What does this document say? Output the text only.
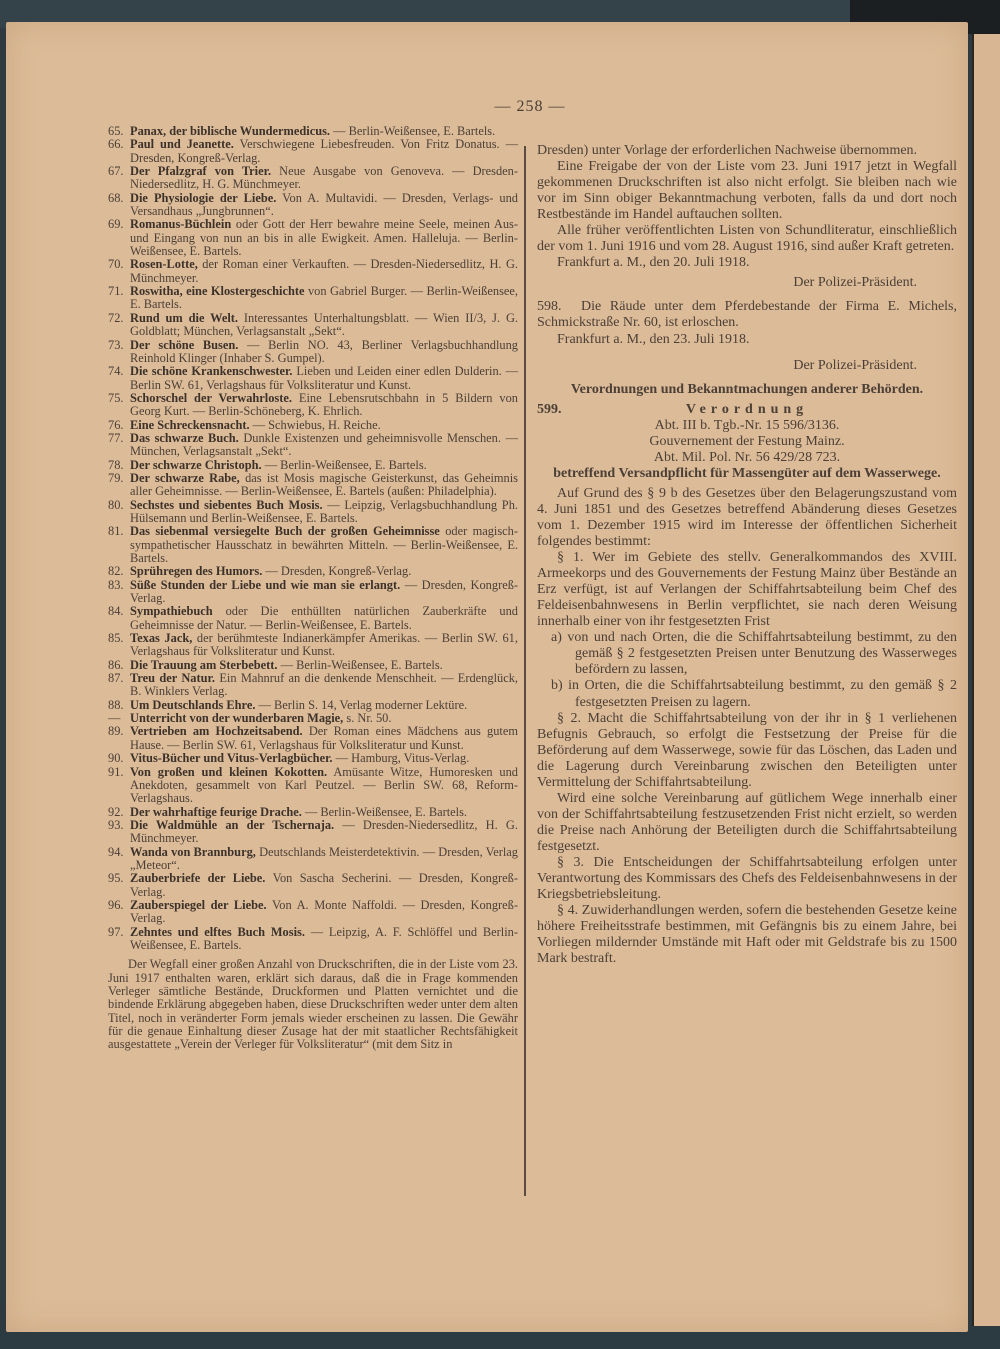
— 258 —
65. Panax, der biblische Wundermedicus. — Berlin-Weißensee, E. Bartels.
66. Paul und Jeanette. Verschwiegene Liebesfreuden. Von Fritz Donatus. — Dresden, Kongreß-Verlag.
67. Der Pfalzgraf von Trier. Neue Ausgabe von Genoveva. — Dresden-Niedersedlitz, H. G. Münchmeyer.
68. Die Physiologie der Liebe. Von A. Multavidi. — Dresden, Verlags- und Versandhaus „Jungbrunnen“.
69. Romanus-Büchlein oder Gott der Herr bewahre meine Seele, meinen Aus- und Eingang von nun an bis in alle Ewigkeit. Amen. Halleluja. — Berlin-Weißensee, E. Bartels.
70. Rosen-Lotte, der Roman einer Verkauften. — Dresden-Niedersedlitz, H. G. Münchmeyer.
71. Roswitha, eine Klostergeschichte von Gabriel Burger. — Berlin-Weißensee, E. Bartels.
72. Rund um die Welt. Interessantes Unterhaltungsblatt. — Wien II/3, J. G. Goldblatt; München, Verlagsanstalt „Sekt“.
73. Der schöne Busen. — Berlin NO. 43, Berliner Verlagsbuchhandlung Reinhold Klinger (Inhaber S. Gumpel).
74. Die schöne Krankenschwester. Lieben und Leiden einer edlen Dulderin. — Berlin SW. 61, Verlagshaus für Volksliteratur und Kunst.
75. Schorschel der Verwahrloste. Eine Lebensrutschbahn in 5 Bildern von Georg Kurt. — Berlin-Schöneberg, K. Ehrlich.
76. Eine Schreckensnacht. — Schwiebus, H. Reiche.
77. Das schwarze Buch. Dunkle Existenzen und geheimnisvolle Menschen. — München, Verlagsanstalt „Sekt“.
78. Der schwarze Christoph. — Berlin-Weißensee, E. Bartels.
79. Der schwarze Rabe, das ist Mosis magische Geisterkunst, das Geheimnis aller Geheimnisse. — Berlin-Weißensee, E. Bartels (außen: Philadelphia).
80. Sechstes und siebentes Buch Mosis. — Leipzig, Verlagsbuchhandlung Ph. Hülsemann und Berlin-Weißensee, E. Bartels.
81. Das siebenmal versiegelte Buch der großen Geheimnisse oder magisch-sympathetischer Hausschatz in bewährten Mitteln. — Berlin-Weißensee, E. Bartels.
82. Sprühregen des Humors. — Dresden, Kongreß-Verlag.
83. Süße Stunden der Liebe und wie man sie erlangt. — Dresden, Kongreß-Verlag.
84. Sympathiebuch oder Die enthüllten natürlichen Zauberkräfte und Geheimnisse der Natur. — Berlin-Weißensee, E. Bartels.
85. Texas Jack, der berühmteste Indianerkämpfer Amerikas. — Berlin SW. 61, Verlagshaus für Volksliteratur und Kunst.
86. Die Trauung am Sterbebett. — Berlin-Weißensee, E. Bartels.
87. Treu der Natur. Ein Mahnruf an die denkende Menschheit. — Erdenglück, B. Winklers Verlag.
88. Um Deutschlands Ehre. — Berlin S. 14, Verlag moderner Lektüre.
— Unterricht von der wunderbaren Magie, s. Nr. 50.
89. Vertrieben am Hochzeitsabend. Der Roman eines Mädchens aus gutem Hause. — Berlin SW. 61, Verlagshaus für Volksliteratur und Kunst.
90. Vitus-Bücher und Vitus-Verlagbücher. — Hamburg, Vitus-Verlag.
91. Von großen und kleinen Kokotten. Amüsante Witze, Humoresken und Anekdoten, gesammelt von Karl Peutzel. — Berlin SW. 68, Reform-Verlagshaus.
92. Der wahrhaftige feurige Drache. — Berlin-Weißensee, E. Bartels.
93. Die Waldmühle an der Tschernaja. — Dresden-Niedersedlitz, H. G. Münchmeyer.
94. Wanda von Brannburg, Deutschlands Meisterdetektivin. — Dresden, Verlag „Meteor“.
95. Zauberbriefe der Liebe. Von Sascha Secherini. — Dresden, Kongreß-Verlag.
96. Zauberspiegel der Liebe. Von A. Monte Naffoldi. — Dresden, Kongreß-Verlag.
97. Zehntes und elftes Buch Mosis. — Leipzig, A. F. Schlöffel und Berlin-Weißensee, E. Bartels.
Der Wegfall einer großen Anzahl von Druckschriften, die in der Liste vom 23. Juni 1917 enthalten waren, erklärt sich daraus, daß die in Frage kommenden Verleger sämtliche Bestände, Druckformen und Platten vernichtet und die bindende Erklärung abgegeben haben, diese Druckschriften weder unter dem alten Titel, noch in veränderter Form jemals wieder erscheinen zu lassen. Die Gewähr für die genaue Einhaltung dieser Zusage hat der mit staatlicher Rechtsfähigkeit ausgestattete „Verein der Verleger für Volksliteratur“ (mit dem Sitz in
Dresden) unter Vorlage der erforderlichen Nachweise übernommen.
Eine Freigabe der von der Liste vom 23. Juni 1917 jetzt in Wegfall gekommenen Druckschriften ist also nicht erfolgt. Sie bleiben nach wie vor im Sinn obiger Bekanntmachung verboten, falls da und dort noch Restbestände im Handel auftauchen sollten.
Alle früher veröffentlichten Listen von Schundliteratur, einschließlich der vom 1. Juni 1916 und vom 28. August 1916, sind außer Kraft getreten.
Frankfurt a. M., den 20. Juli 1918.
Der Polizei-Präsident.
598. Die Räude unter dem Pferdebestande der Firma E. Michels, Schmickstraße Nr. 60, ist erloschen.
Frankfurt a. M., den 23. Juli 1918.
Der Polizei-Präsident.
Verordnungen und Bekanntmachungen anderer Behörden.
599.	Verordnung
Abt. III b. Tgb.-Nr. 15 596/3136.
Gouvernement der Festung Mainz.
Abt. Mil. Pol. Nr. 56 429/28 723.
betreffend Versandpflicht für Massengüter auf dem Wasserwege.
Auf Grund des § 9 b des Gesetzes über den Belagerungszustand vom 4. Juni 1851 und des Gesetzes betreffend Abänderung dieses Gesetzes vom 1. Dezember 1915 wird im Interesse der öffentlichen Sicherheit folgendes bestimmt:
§ 1. Wer im Gebiete des stellv. Generalkommandos des XVIII. Armeekorps und des Gouvernements der Festung Mainz über Bestände an Erz verfügt, ist auf Verlangen der Schiffahrtsabteilung beim Chef des Feldeisenbahnwesens in Berlin verpflichtet, sie nach deren Weisung innerhalb einer von ihr festgesetzten Frist
a) von und nach Orten, die die Schiffahrtsabteilung bestimmt, zu den gemäß § 2 festgesetzten Preisen unter Benutzung des Wasserweges befördern zu lassen,
b) in Orten, die die Schiffahrtsabteilung bestimmt, zu den gemäß § 2 festgesetzten Preisen zu lagern.
§ 2. Macht die Schiffahrtsabteilung von der ihr in § 1 verliehenen Befugnis Gebrauch, so erfolgt die Festsetzung der Preise für die Beförderung auf dem Wasserwege, sowie für das Löschen, das Laden und die Lagerung durch Vereinbarung zwischen den Beteiligten unter Vermittelung der Schiffahrtsabteilung.
Wird eine solche Vereinbarung auf gütlichem Wege innerhalb einer von der Schiffahrtsabteilung festzusetzenden Frist nicht erzielt, so werden die Preise nach Anhörung der Beteiligten durch die Schiffahrtsabteilung festgesetzt.
§ 3. Die Entscheidungen der Schiffahrtsabteilung erfolgen unter Verantwortung des Kommissars des Chefs des Feldeisenbahnwesens in der Kriegsbetriebsleitung.
§ 4. Zuwiderhandlungen werden, sofern die bestehenden Gesetze keine höhere Freiheitsstrafe bestimmen, mit Gefängnis bis zu einem Jahre, bei Vorliegen mildernder Umstände mit Haft oder mit Geldstrafe bis zu 1500 Mark bestraft.
